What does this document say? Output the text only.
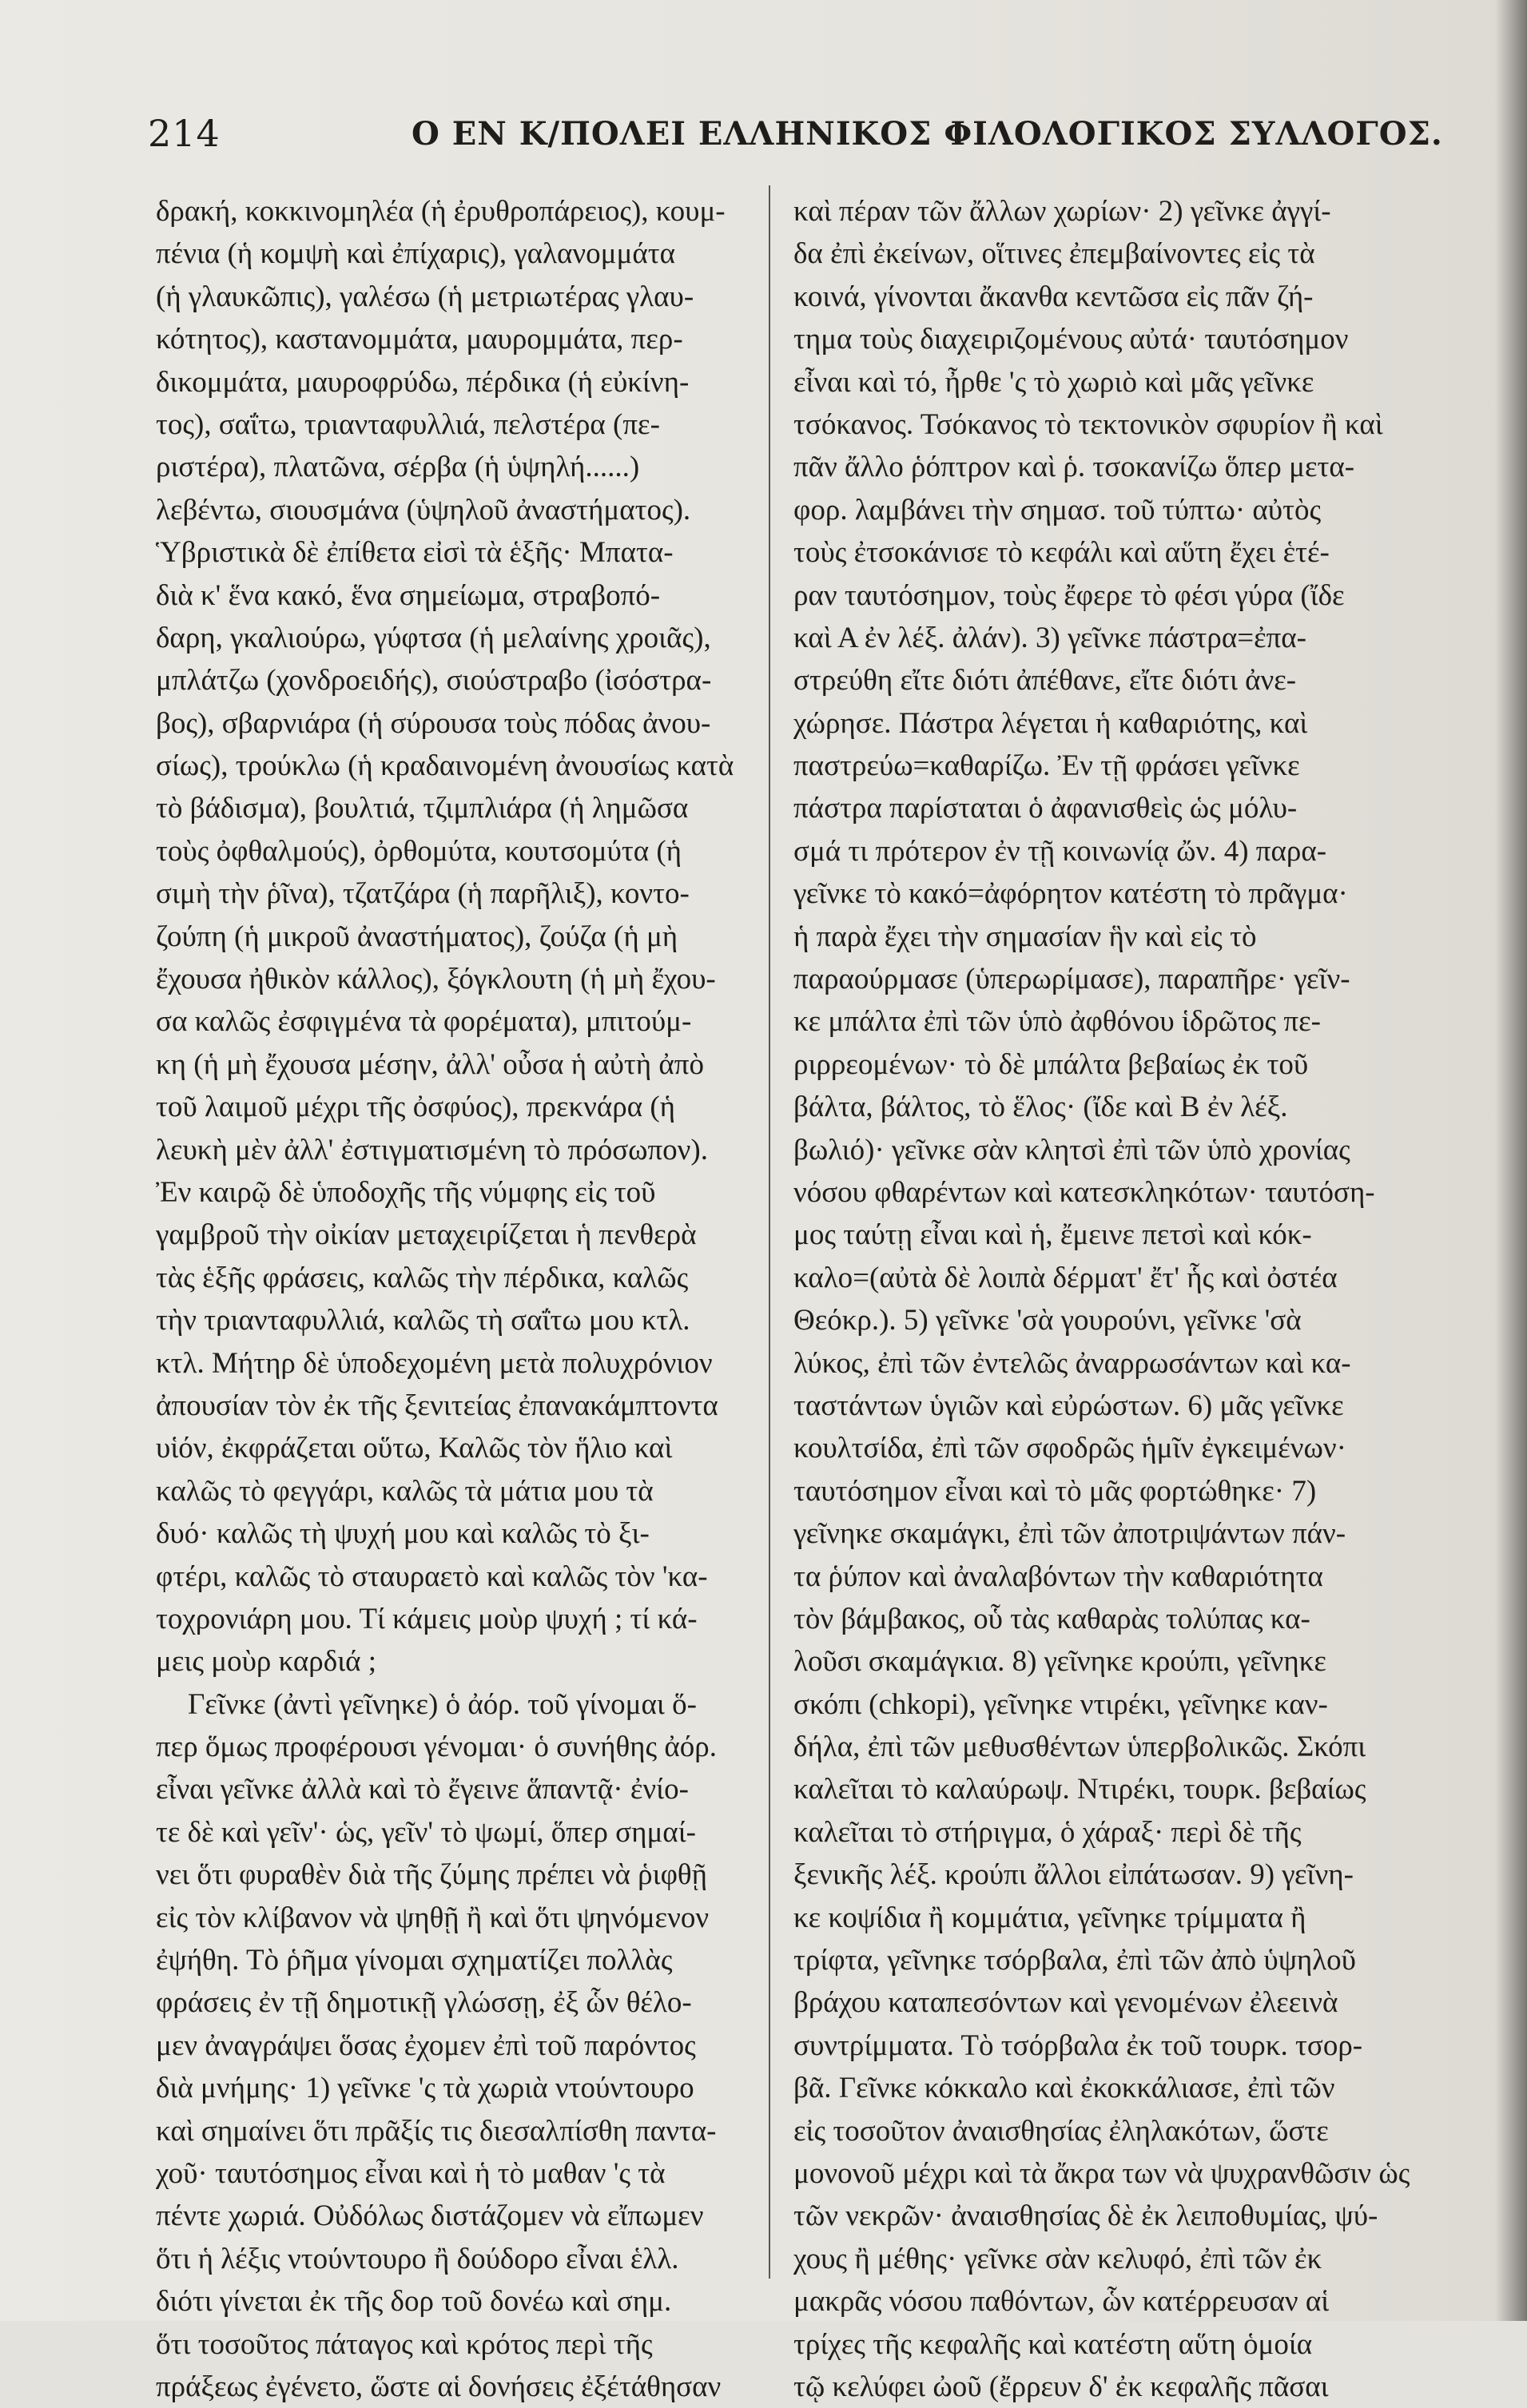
214	Ο ΕΝ Κ/ΠΟΛΕΙ ΕΛΛΗΝΙΚΟΣ ΦΙΛΟΛΟΓΙΚΟΣ ΣΥΛΛΟΓΟΣ.
δρακή, κοκκινομηλέα (ἡ ἐρυθροπάρειος), κουμ-
πένια (ἡ κομψὴ καὶ ἐπίχαρις), γαλανομμάτα
(ἡ γλαυκῶπις), γαλέσω (ἡ μετριωτέρας γλαυ-
κότητος), καστανομμάτα, μαυρομμάτα, περ-
δικομμάτα, μαυροφρύδω, πέρδικα (ἡ εὐκίνη-
τος), σαΐτω, τριανταφυλλιά, πελστέρα (πε-
ριστέρα), πλατῶνα, σέρβα (ἡ ὑψηλή......)
λεβέντω, σιουσμάνα (ὑψηλοῦ ἀναστήματος).
Ὑβριστικὰ δὲ ἐπίθετα εἰσὶ τὰ ἑξῆς· Μπατα-
διὰ κ' ἕνα κακό, ἕνα σημείωμα, στραβοπό-
δαρη, γκαλιούρω, γύφτσα (ἡ μελαίνης χροιᾶς),
μπλάτζω (χονδροειδής), σιούστραβο (ἰσόστρα-
βος), σβαρνιάρα (ἡ σύρουσα τοὺς πόδας ἀνου-
σίως), τρούκλω (ἡ κραδαινομένη ἀνουσίως κατὰ
τὸ βάδισμα), βουλτιά, τζιμπλιάρα (ἡ λημῶσα
τοὺς ὀφθαλμούς), ὀρθομύτα, κουτσομύτα (ἡ
σιμὴ τὴν ῥῖνα), τζατζάρα (ἡ παρῆλιξ), κοντο-
ζούπη (ἡ μικροῦ ἀναστήματος), ζούζα (ἡ μὴ
ἔχουσα ἠθικὸν κάλλος), ξόγκλουτη (ἡ μὴ ἔχου-
σα καλῶς ἐσφιγμένα τὰ φορέματα), μπιτούμ-
κη (ἡ μὴ ἔχουσα μέσην, ἀλλ' οὖσα ἡ αὐτὴ ἀπὸ
τοῦ λαιμοῦ μέχρι τῆς ὀσφύος), πρεκνάρα (ἡ
λευκὴ μὲν ἀλλ' ἐστιγματισμένη τὸ πρόσωπον).
Ἐν καιρῷ δὲ ὑποδοχῆς τῆς νύμφης εἰς τοῦ
γαμβροῦ τὴν οἰκίαν μεταχειρίζεται ἡ πενθερὰ
τὰς ἑξῆς φράσεις, καλῶς τὴν πέρδικα, καλῶς
τὴν τριανταφυλλιά, καλῶς τὴ σαΐτω μου κτλ.
κτλ. Μήτηρ δὲ ὑποδεχομένη μετὰ πολυχρόνιον
ἀπουσίαν τὸν ἐκ τῆς ξενιτείας ἐπανακάμπτοντα
υἱόν, ἐκφράζεται οὕτω, Καλῶς τὸν ἥλιο καὶ
καλῶς τὸ φεγγάρι, καλῶς τὰ μάτια μου τὰ
δυό· καλῶς τὴ ψυχή μου καὶ καλῶς τὸ ξι-
φτέρι, καλῶς τὸ σταυραετὸ καὶ καλῶς τὸν 'κα-
τοχρονιάρη μου. Τί κάμεις μοὺρ ψυχή ; τί κά-
μεις μοὺρ καρδιά ;
Γεῖνκε (ἀντὶ γεῖνηκε) ὁ ἀόρ. τοῦ γίνομαι ὅ-
περ ὅμως προφέρουσι γένομαι· ὁ συνήθης ἀόρ.
εἶναι γεῖνκε ἀλλὰ καὶ τὸ ἔγεινε ἅπαντᾷ· ἐνίο-
τε δὲ καὶ γεῖν'· ὡς, γεῖν' τὸ ψωμί, ὅπερ σημαί-
νει ὅτι φυραθὲν διὰ τῆς ζύμης πρέπει νὰ ῥιφθῇ
εἰς τὸν κλίβανον νὰ ψηθῇ ἢ καὶ ὅτι ψηνόμενον
ἐψήθη. Τὸ ῥῆμα γίνομαι σχηματίζει πολλὰς
φράσεις ἐν τῇ δημοτικῇ γλώσσῃ, ἐξ ὧν θέλο-
μεν ἀναγράψει ὅσας ἐχομεν ἐπὶ τοῦ παρόντος
διὰ μνήμης· 1) γεῖνκε 'ς τὰ χωριὰ ντούντουρο
καὶ σημαίνει ὅτι πρᾶξίς τις διεσαλπίσθη παντα-
χοῦ· ταυτόσημος εἶναι καὶ ἡ τὸ μαθαν 'ς τὰ
πέντε χωριά. Οὐδόλως διστάζομεν νὰ εἴπωμεν
ὅτι ἡ λέξις ντούντουρο ἢ δούδορο εἶναι ἑλλ.
διότι γίνεται ἐκ τῆς δορ τοῦ δονέω καὶ σημ.
ὅτι τοσοῦτος πάταγος καὶ κρότος περὶ τῆς
πράξεως ἐγένετο, ὥστε αἱ δονήσεις ἐξέτάθησαν
καὶ πέραν τῶν ἄλλων χωρίων· 2) γεῖνκε ἀγγί-
δα ἐπὶ ἐκείνων, οἵτινες ἐπεμβαίνοντες εἰς τὰ
κοινά, γίνονται ἄκανθα κεντῶσα εἰς πᾶν ζή-
τημα τοὺς διαχειριζομένους αὐτά· ταυτόσημον
εἶναι καὶ τό, ἦρθε 'ς τὸ χωριὸ καὶ μᾶς γεῖνκε
τσόκανος. Τσόκανος τὸ τεκτονικὸν σφυρίον ἢ καὶ
πᾶν ἄλλο ῥόπτρον καὶ ῥ. τσοκανίζω ὅπερ μετα-
φορ. λαμβάνει τὴν σημασ. τοῦ τύπτω· αὐτὸς
τοὺς ἐτσοκάνισε τὸ κεφάλι καὶ αὕτη ἔχει ἑτέ-
ραν ταυτόσημον, τοὺς ἔφερε τὸ φέσι γύρα (ἴδε
καὶ Α ἐν λέξ. ἀλάν). 3) γεῖνκε πάστρα=ἐπα-
στρεύθη εἴτε διότι ἀπέθανε, εἴτε διότι ἀνε-
χώρησε. Πάστρα λέγεται ἡ καθαριότης, καὶ
παστρεύω=καθαρίζω. Ἐν τῇ φράσει γεῖνκε
πάστρα παρίσταται ὁ ἀφανισθεὶς ὡς μόλυ-
σμά τι πρότερον ἐν τῇ κοινωνίᾳ ὤν. 4) παρα-
γεῖνκε τὸ κακό=ἀφόρητον κατέστη τὸ πρᾶγμα·
ἡ παρὰ ἔχει τὴν σημασίαν ἣν καὶ εἰς τὸ
παραούρμασε (ὑπερωρίμασε), παραπῆρε· γεῖν-
κε μπάλτα ἐπὶ τῶν ὑπὸ ἀφθόνου ἱδρῶτος πε-
ριρρεομένων· τὸ δὲ μπάλτα βεβαίως ἐκ τοῦ
βάλτα, βάλτος, τὸ ἕλος· (ἴδε καὶ Β ἐν λέξ.
βωλιό)· γεῖνκε σὰν κλητσὶ ἐπὶ τῶν ὑπὸ χρονίας
νόσου φθαρέντων καὶ κατεσκληκότων· ταυτόση-
μος ταύτῃ εἶναι καὶ ἡ, ἔμεινε πετσὶ καὶ κόκ-
καλο=(αὐτὰ δὲ λοιπὰ δέρματ' ἔτ' ἧς καὶ ὀστέα
Θεόκρ.). 5) γεῖνκε 'σὰ γουρούνι, γεῖνκε 'σὰ
λύκος, ἐπὶ τῶν ἐντελῶς ἀναρρωσάντων καὶ κα-
ταστάντων ὑγιῶν καὶ εὐρώστων. 6) μᾶς γεῖνκε
κουλτσίδα, ἐπὶ τῶν σφοδρῶς ἡμῖν ἐγκειμένων·
ταυτόσημον εἶναι καὶ τὸ μᾶς φορτώθηκε· 7)
γεῖνηκε σκαμάγκι, ἐπὶ τῶν ἀποτριψάντων πάν-
τα ῥύπον καὶ ἀναλαβόντων τὴν καθαριότητα
τὸν βάμβακος, οὗ τὰς καθαρὰς τολύπας κα-
λοῦσι σκαμάγκια. 8) γεῖνηκε κρούπι, γεῖνηκε
σκόπι (chkopi), γεῖνηκε ντιρέκι, γεῖνηκε καν-
δήλα, ἐπὶ τῶν μεθυσθέντων ὑπερβολικῶς. Σκόπι
καλεῖται τὸ καλαύρωψ. Ντιρέκι, τουρκ. βεβαίως
καλεῖται τὸ στήριγμα, ὁ χάραξ· περὶ δὲ τῆς
ξενικῆς λέξ. κρούπι ἄλλοι εἰπάτωσαν. 9) γεῖνη-
κε κοψίδια ἢ κομμάτια, γεῖνηκε τρίμματα ἢ
τρίφτα, γεῖνηκε τσόρβαλα, ἐπὶ τῶν ἀπὸ ὑψηλοῦ
βράχου καταπεσόντων καὶ γενομένων ἐλεεινὰ
συντρίμματα. Τὸ τσόρβαλα ἐκ τοῦ τουρκ. τσορ-
βᾶ. Γεῖνκε κόκκαλο καὶ ἐκοκκάλιασε, ἐπὶ τῶν
εἰς τοσοῦτον ἀναισθησίας ἐληλακότων, ὥστε
μονονοῦ μέχρι καὶ τὰ ἄκρα των νὰ ψυχρανθῶσιν ὡς
τῶν νεκρῶν· ἀναισθησίας δὲ ἐκ λειποθυμίας, ψύ-
χους ἢ μέθης· γεῖνκε σὰν κελυφό, ἐπὶ τῶν ἐκ
μακρᾶς νόσου παθόντων, ὧν κατέρρευσαν αἱ
τρίχες τῆς κεφαλῆς καὶ κατέστη αὕτη ὁμοία
τῷ κελύφει ὠοῦ (ἔρρευν δ' ἐκ κεφαλῆς πᾶσαι
